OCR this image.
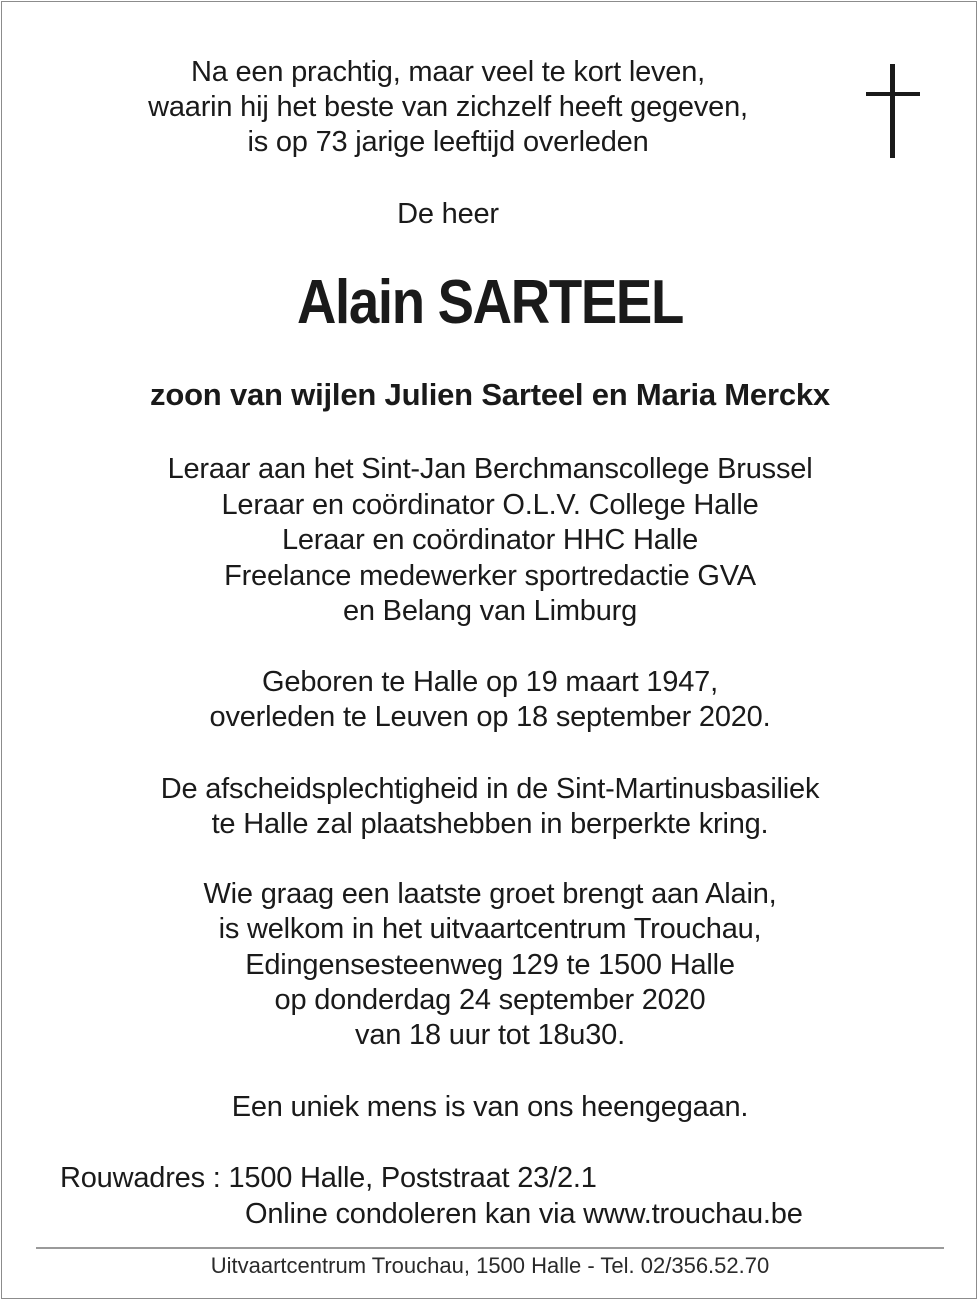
Na een prachtig, maar veel te kort leven,
waarin hij het beste van zichzelf heeft gegeven,
is op 73 jarige leeftijd overleden
De heer
Alain SARTEEL
zoon van wijlen Julien Sarteel en Maria Merckx
Leraar aan het Sint-Jan Berchmanscollege Brussel
Leraar en coördinator O.L.V. College Halle
Leraar en coördinator HHC Halle
Freelance medewerker sportredactie GVA
en Belang van Limburg
Geboren te Halle op 19 maart 1947,
overleden te Leuven op 18 september 2020.
De afscheidsplechtigheid in de Sint-Martinusbasiliek
te Halle zal plaatshebben in berperkte kring.
Wie graag een laatste groet brengt aan Alain,
is welkom in het uitvaartcentrum Trouchau,
Edingensesteenweg 129 te 1500 Halle
op donderdag 24 september 2020
van 18 uur tot 18u30.
Een uniek mens is van ons heengegaan.
Rouwadres : 1500 Halle, Poststraat 23/2.1
Online condoleren kan via www.trouchau.be
Uitvaartcentrum Trouchau, 1500 Halle - Tel. 02/356.52.70
